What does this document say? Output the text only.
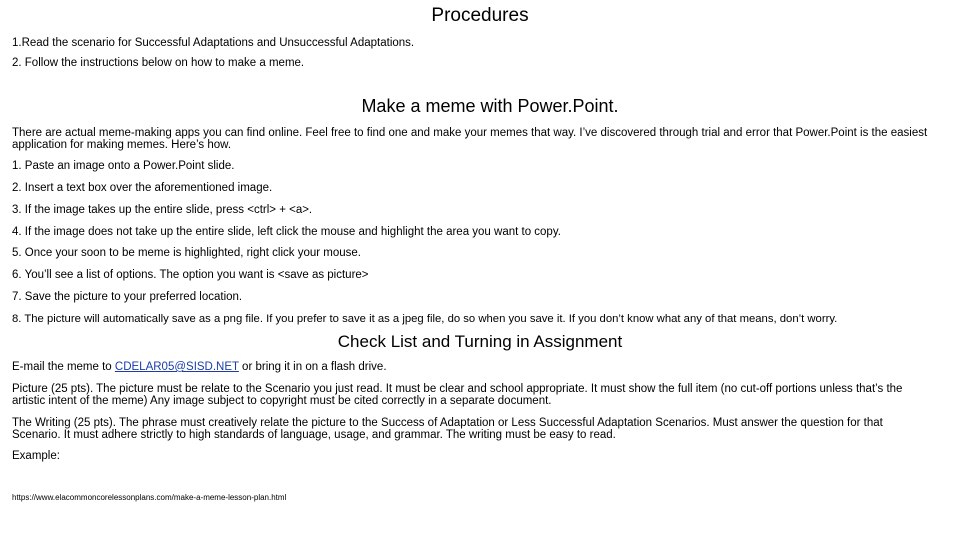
Procedures
1.Read the scenario for Successful Adaptations and Unsuccessful Adaptations.
2. Follow the instructions below on how to make a meme.
Make a meme with Power.Point.
There are actual meme-making apps you can find online. Feel free to find one and make your memes that way. I’ve discovered through trial and error that Power.Point is the easiest application for making memes. Here’s how.
1. Paste an image onto a Power.Point slide.
2. Insert a text box over the aforementioned image.
3. If the image takes up the entire slide, press <ctrl> + <a>.
4. If the image does not take up the entire slide, left click the mouse and highlight the area you want to copy.
5. Once your soon to be meme is highlighted, right click your mouse.
6. You’ll see a list of options. The option you want is <save as picture>
7. Save the picture to your preferred location.
8. The picture will automatically save as a png file. If you prefer to save it as a jpeg file, do so when you save it. If you don’t know what any of that means, don’t worry.
Check List and Turning in Assignment
E-mail the meme to CDELAR05@SISD.NET or bring it in on a flash drive.
Picture (25 pts). The picture must be relate to the Scenario you just read. It must be clear and school appropriate. It must show the full item (no cut-off portions unless that’s the artistic intent of the meme) Any image subject to copyright must be cited correctly in a separate document.
The Writing (25 pts). The phrase must creatively relate the picture to the Success of Adaptation or Less Successful Adaptation Scenarios. Must answer the question for that Scenario. It must adhere strictly to high standards of language, usage, and grammar. The writing must be easy to read.
Example:
https://www.elacommoncorelessonplans.com/make-a-meme-lesson-plan.html
